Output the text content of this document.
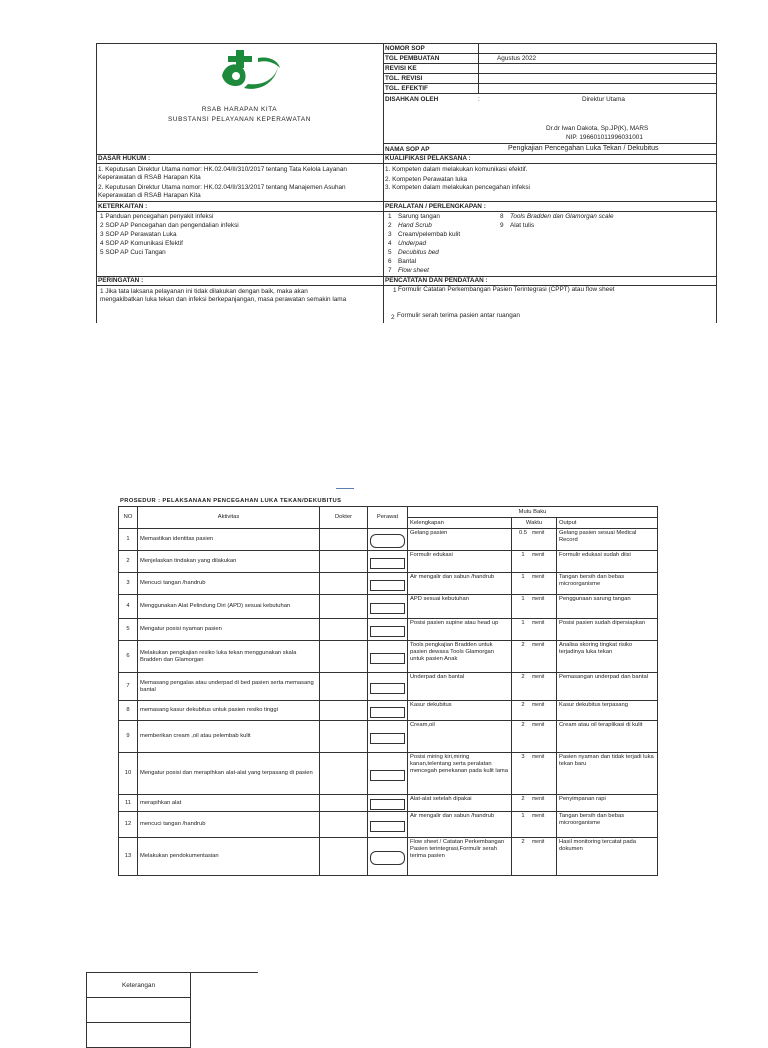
RSAB HARAPAN KITA
SUBSTANSI PELAYANAN KEPERAWATAN
NOMOR SOP
TGL PEMBUATAN	Agustus 2022
REVISI KE
TGL. REVISI
TGL. EFEKTIF
DISAHKAN OLEH	:	Direktur Utama
Dr.dr Iwan Dakota, Sp.JP(K), MARS
NIP. 196601011996031001
NAMA SOP AP	Pengkajian Pencegahan Luka Tekan / Dekubitus
DASAR HUKUM :
1. Keputusan Direktur Utama nomor: HK.02.04/II/310/2017 tentang Tata Kelola Layanan
Keperawatan di RSAB Harapan Kita
2. Keputusan Direktur Utama nomor: HK.02.04/II/313/2017 tentang Manajemen Asuhan
Keperawatan di RSAB Harapan Kita
KUALIFIKASI PELAKSANA :
1. Kompeten dalam melakukan komunikasi efektif.
2. Kompeten Perawatan luka
3. Kompeten dalam melakukan pencegahan infeksi
KETERKAITAN :
1 Panduan pencegahan penyakit infeksi
2 SOP AP Pencegahan dan pengendalian infeksi
3 SOP AP Perawatan Luka
4 SOP AP Komunikasi Efektif
5 SOP AP Cuci Tangan
PERALATAN / PERLENGKAPAN :
1 Sarung tangan
2 Hand Scrub
3 Cream/pelembab kulit
4 Underpad
5 Decubitus bed
6 Bantal
7 Flow sheet
8 Tools Bradden dan Glamorgan scale
9 Alat tulis
PERINGATAN :	PENCATATAN DAN PENDATAAN :
1 Jika tata laksana pelayanan ini tidak dilakukan dengan baik, maka akan
mengakibatkan luka tekan dan infeksi berkepanjangan, masa perawatan semakin lama
1 Formulir Catatan Perkembangan Pasien Terintegrasi (CPPT) atau flow sheet
2 Formulir serah terima pasien antar ruangan
PROSEDUR : PELAKSANAAN PENCEGAHAN LUKA TEKAN/DEKUBITUS
NO	Aktivitas	Dokter	Perawat	Mutu Baku		
				Kelengkapan	Waktu	Output
1	Memastikan identitas pasien			Gelang pasien	0.5 menit	Gelang pasien sesuai Medical Record
2	Menjelaskan tindakan yang dilakukan			Formulir edukasi	1 menit	Formulir edukasi sudah diisi
3	Mencuci tangan /handrub			Air mengalir dan sabun /handrub	1 menit	Tangan bersih dan bebas microorganisme
4	Menggunakan Alat Pelindung Diri (APD) sesuai kebutuhan			APD sesuai kebutuhan	1 menit	Penggunaan sarung tangan
5	Mengatur posisi nyaman pasien			Posisi pasien supine atau head up	1 menit	Posisi pasien sudah dipersiapkan
6	Melakukan pengkajian resiko luka tekan menggunakan skala Bradden dan Glamorgan			Tools pengkajian Bradden untuk pasien dewasa Tools Glamorgan untuk pasien Anak	2 menit	Analisa skoring tingkat risiko terjadinya luka tekan
7	Memasang pengalas atau underpad di bed pasien serta memasang bantal			Underpad dan bantal	2 menit	Pemasangan underpad dan bantal
8	memasang kasur dekubitus untuk pasien resiko tinggi			Kasur dekubitus	2 menit	Kasur dekubitus terpasang
9	memberikan cream ,oil atau pelembab kulit			Cream,oil	2 menit	Cream atau oil teraplikasi di kulit
10	Mengatur posisi dan merapihkan alat-alat yang terpasang di pasien			Posisi miring kiri,miring kanan,telentang serta peralatan mencegah penekanan pada kulit lama	3 menit	Pasien nyaman dan tidak terjadi luka tekan baru
11	merapihkan alat			Alat-alat setelah dipakai	2 menit	Penyimpanan rapi
12	mencuci tangan /handrub			Air mengalir dan sabun /handrub	1 menit	Tangan bersih dan bebas microorganisme
13	Melakukan pendokumentasian			Flow sheet / Catatan Perkembangan Pasien terintegrasi,Formulir serah terima pasien	2 menit	Hasil monitoring tercatat pada dokumen
Keterangan
